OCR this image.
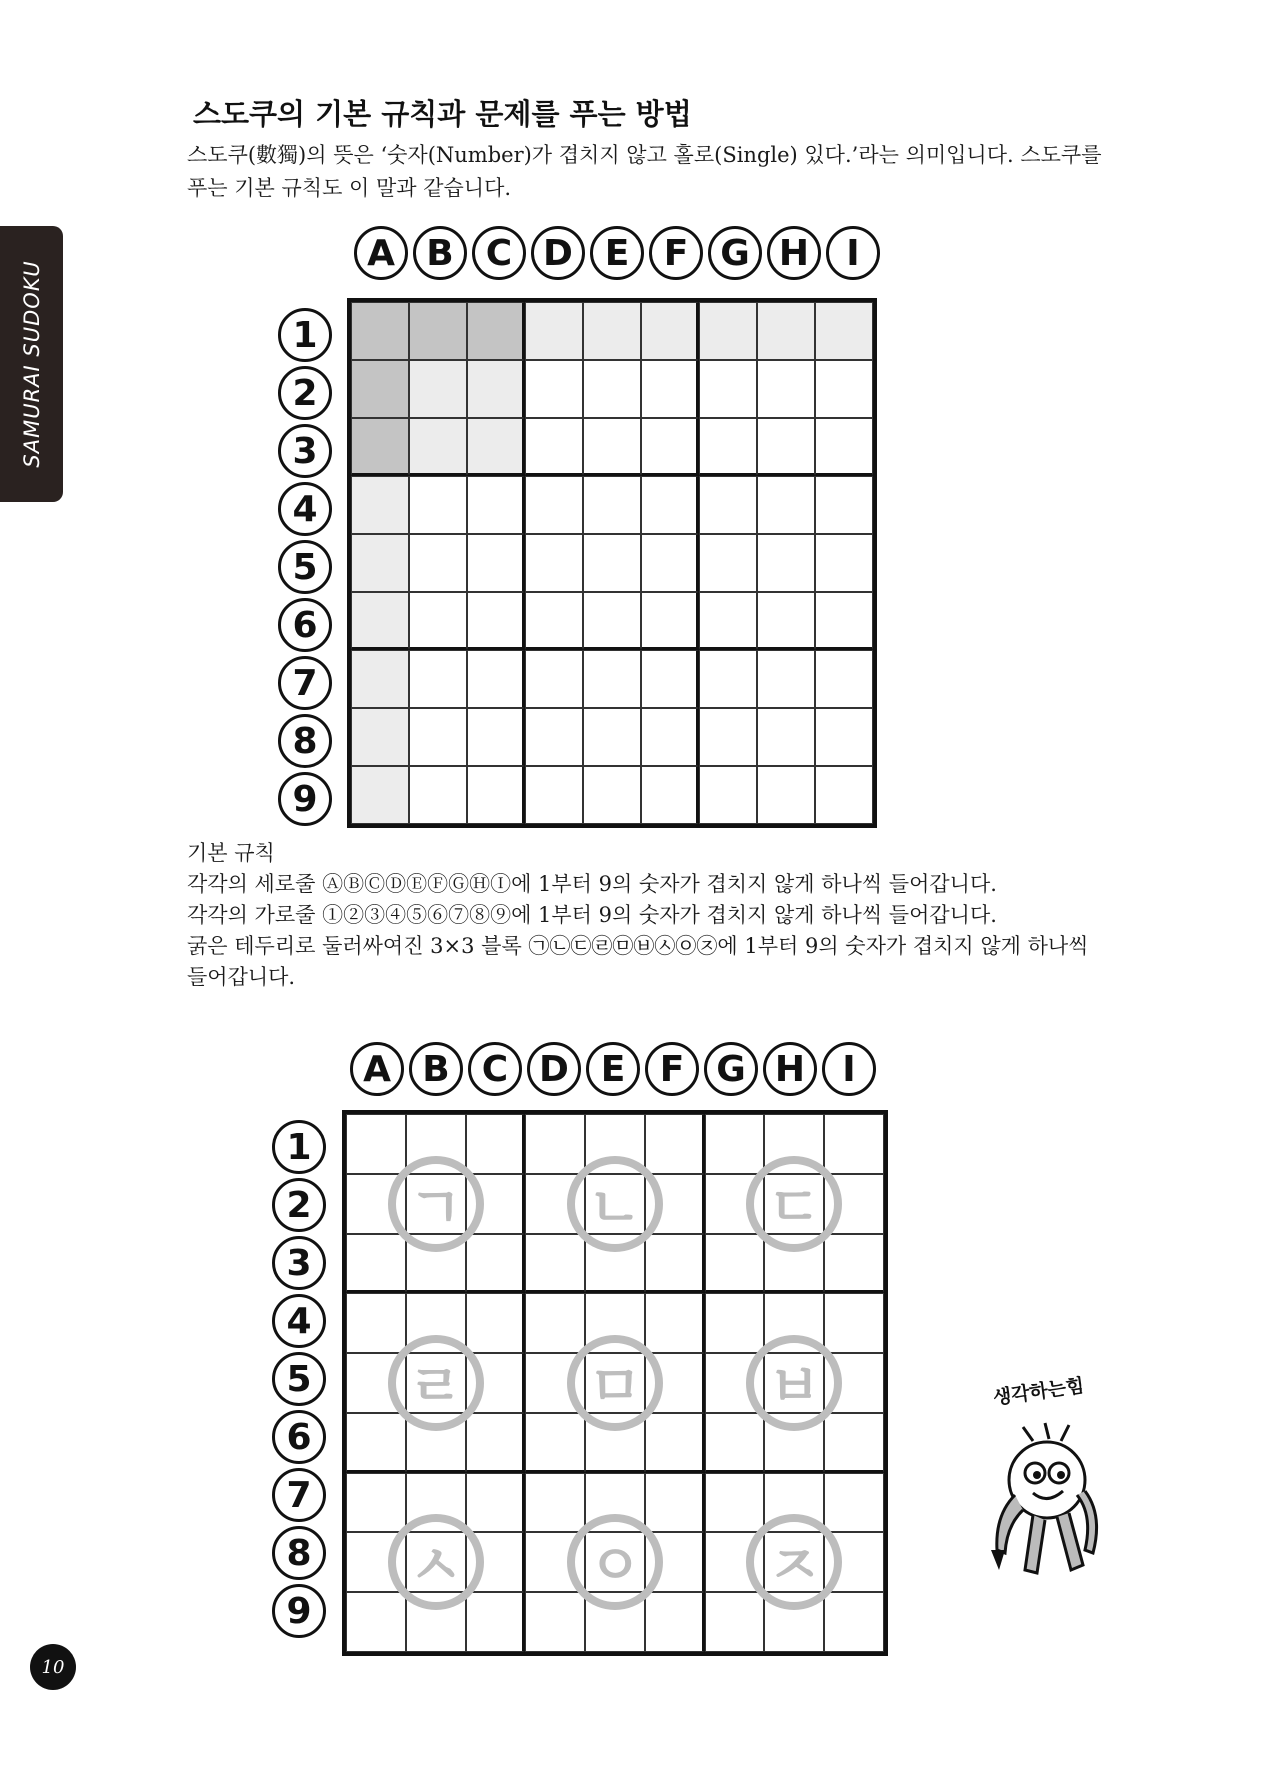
SAMURAI SUDOKU
스도쿠의 기본 규칙과 문제를 푸는 방법

스도쿠(數獨)의 뜻은 ‘숫자(Number)가 겹치지 않고 홀로(Single) 있다.’라는 의미입니다. 스도쿠를 푸는 기본 규칙도 이 말과 같습니다.

A B C D E F G H	I
1
2
3
4
5
6
7
8
9

기본 규칙

각각의 세로줄 ⒶⒷⒸⒹⒺⒻⒼⒽⒾ에 1부터 9의 숫자가 겹치지 않게 하나씩 들어갑니다.

각각의 가로줄 ①②③④⑤⑥⑦⑧⑨에 1부터 9의 숫자가 겹치지 않게 하나씩 들어갑니다.

굵은 테두리로 둘러싸여진 3×3 블록 ㉠㉡㉢㉣㉤㉥㉦㉧㉨에 1부터 9의 숫자가 겹치지 않게 하나씩 들어갑니다.

A B C D E F G H	I
1
2
3
4
5
6
7
8
9
ㄱ	ㄴ	ㄷ
ㄹ	ㅁ	ㅂ
ㅅ	ㅇ	ㅈ
생각하는힘
10
